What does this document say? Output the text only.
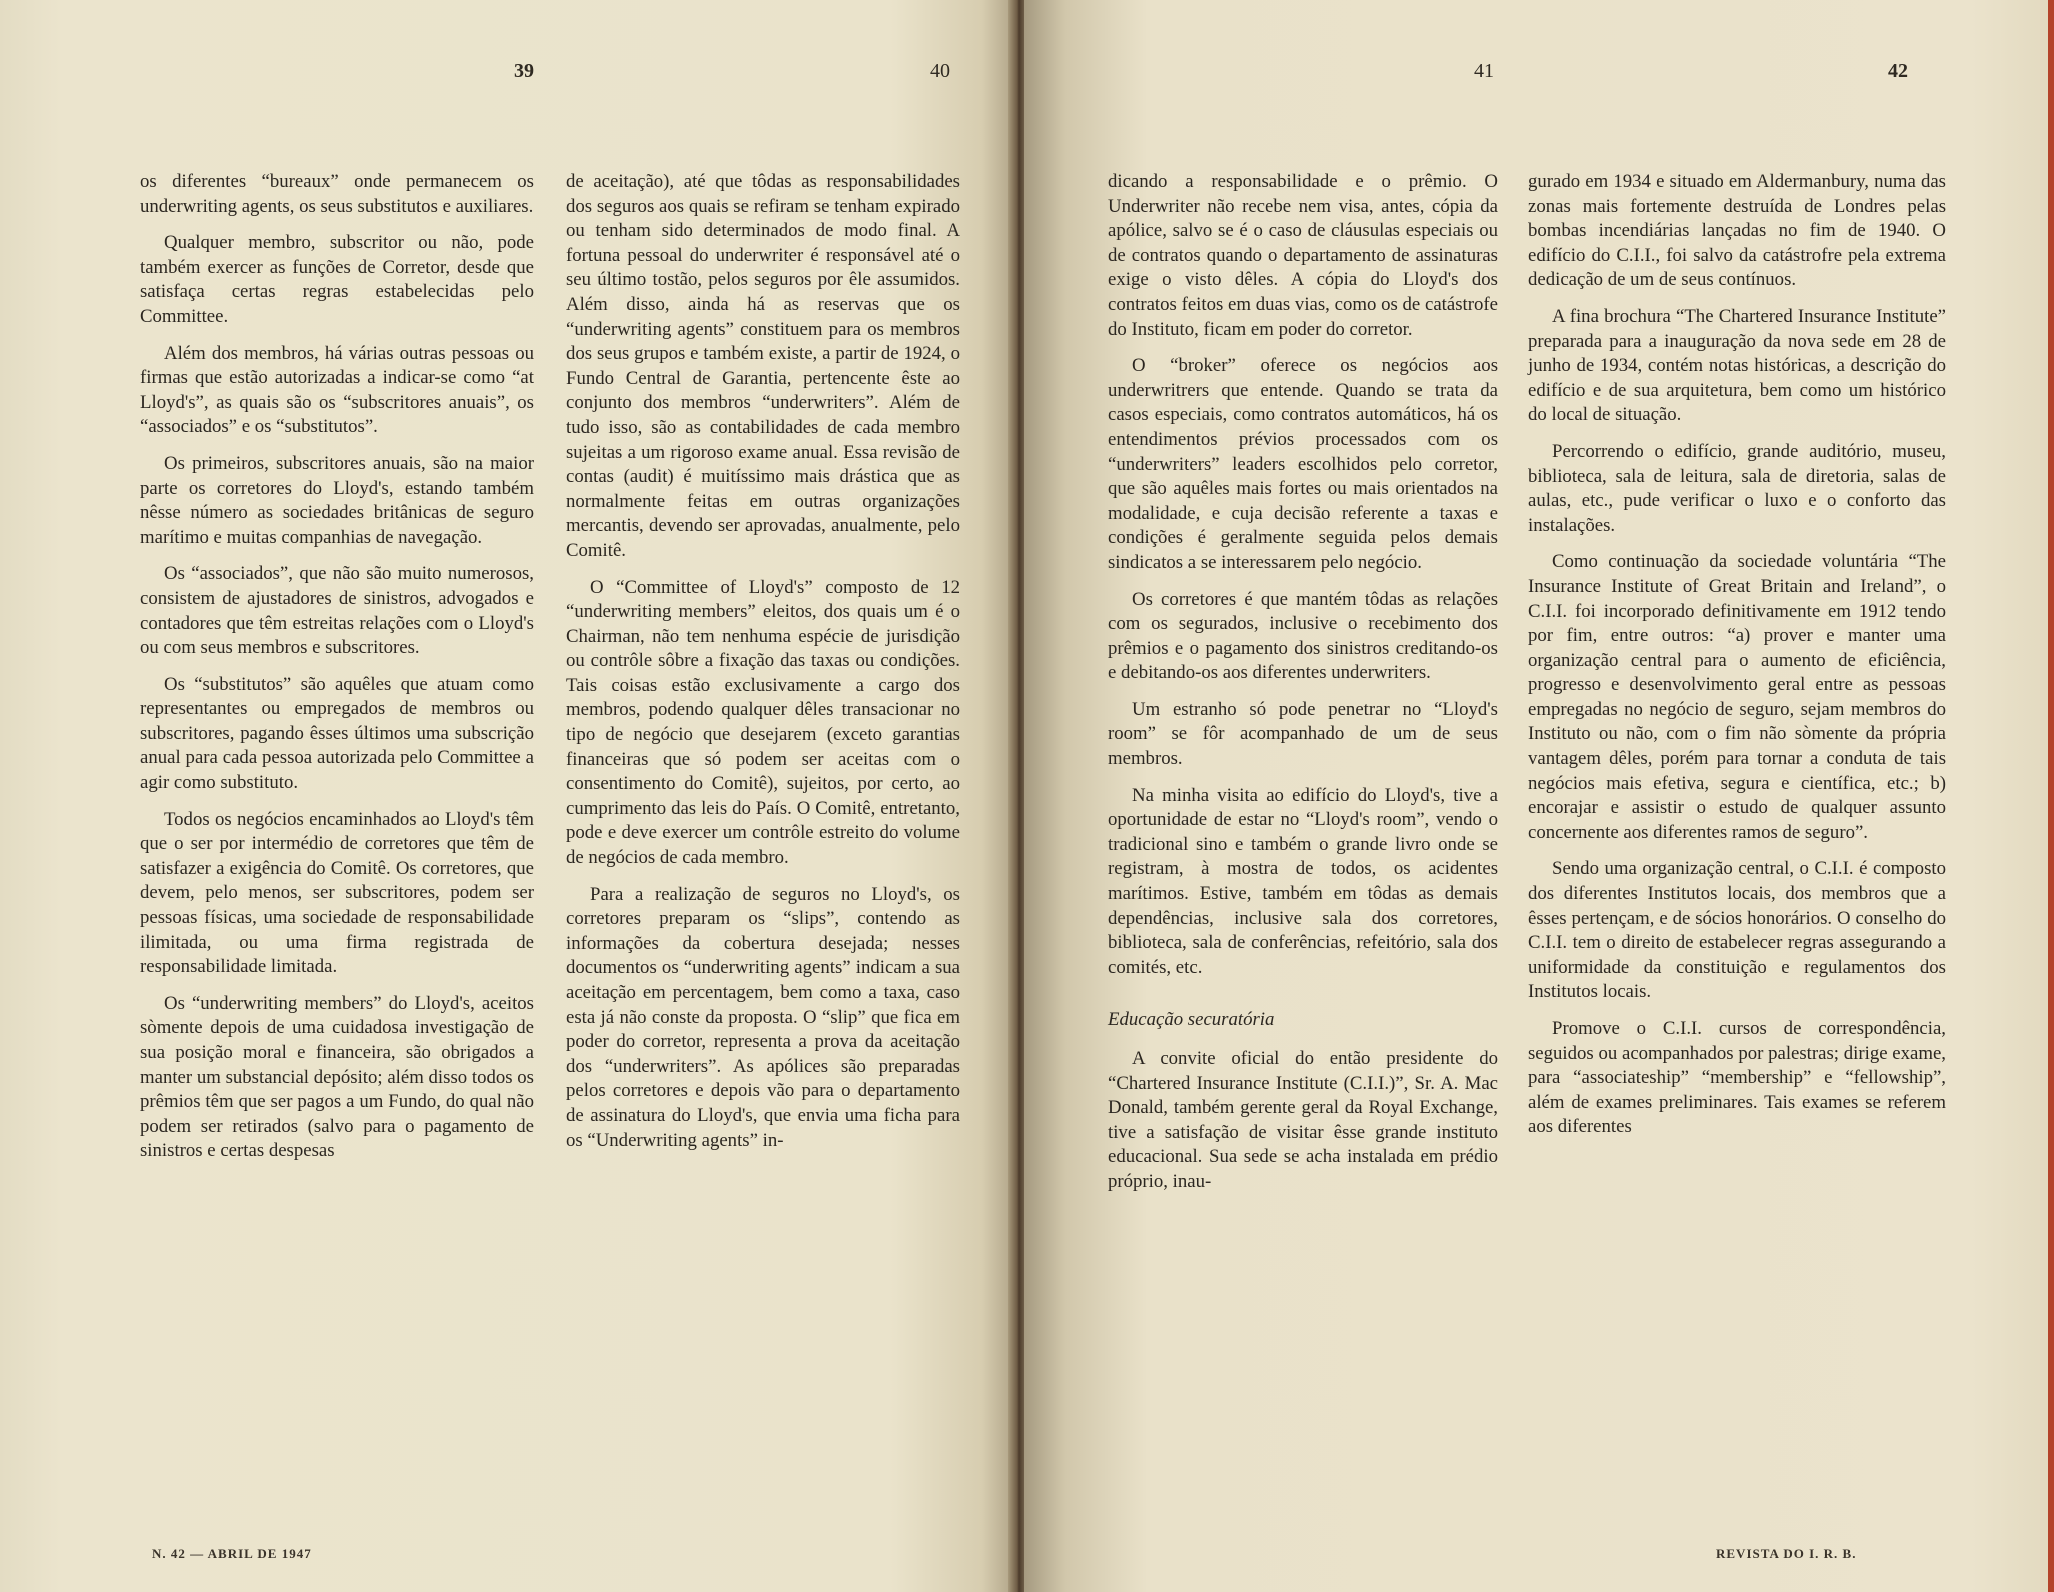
39	40

os diferentes “bureaux” onde permanecem os underwriting agents, os seus substitutos e auxiliares.

Qualquer membro, subscritor ou não, pode também exercer as funções de Corretor, desde que satisfaça certas regras estabelecidas pelo Committee.

Além dos membros, há várias outras pessoas ou firmas que estão autorizadas a indicar-se como “at Lloyd's”, as quais são os “subscritores anuais”, os “associados” e os “substitutos”.

Os primeiros, subscritores anuais, são na maior parte os corretores do Lloyd's, estando também nêsse número as sociedades britânicas de seguro marítimo e muitas companhias de navegação.

Os “associados”, que não são muito numerosos, consistem de ajustadores de sinistros, advogados e contadores que têm estreitas relações com o Lloyd's ou com seus membros e subscritores.

Os “substitutos” são aquêles que atuam como representantes ou empregados de membros ou subscritores, pagando êsses últimos uma subscrição anual para cada pessoa autorizada pelo Committee a agir como substituto.

Todos os negócios encaminhados ao Lloyd's têm que o ser por intermédio de corretores que têm de satisfazer a exigência do Comitê. Os corretores, que devem, pelo menos, ser subscritores, podem ser pessoas físicas, uma sociedade de responsabilidade ilimitada, ou uma firma registrada de responsabilidade limitada.

Os “underwriting members” do Lloyd's, aceitos sòmente depois de uma cuidadosa investigação de sua posição moral e financeira, são obrigados a manter um substancial depósito; além disso todos os prêmios têm que ser pagos a um Fundo, do qual não podem ser retirados (salvo para o pagamento de sinistros e certas despesas

de aceitação), até que tôdas as responsabilidades dos seguros aos quais se refiram se tenham expirado ou tenham sido determinados de modo final. A fortuna pessoal do underwriter é responsável até o seu último tostão, pelos seguros por êle assumidos. Além disso, ainda há as reservas que os “underwriting agents” constituem para os membros dos seus grupos e também existe, a partir de 1924, o Fundo Central de Garantia, pertencente êste ao conjunto dos membros “underwriters”. Além de tudo isso, são as contabilidades de cada membro sujeitas a um rigoroso exame anual. Essa revisão de contas (audit) é muitíssimo mais drástica que as normalmente feitas em outras organizações mercantis, devendo ser aprovadas, anualmente, pelo Comitê.

O “Committee of Lloyd's” composto de 12 “underwriting members” eleitos, dos quais um é o Chairman, não tem nenhuma espécie de jurisdição ou contrôle sôbre a fixação das taxas ou condições. Tais coisas estão exclusivamente a cargo dos membros, podendo qualquer dêles transacionar no tipo de negócio que desejarem (exceto garantias financeiras que só podem ser aceitas com o consentimento do Comitê), sujeitos, por certo, ao cumprimento das leis do País. O Comitê, entretanto, pode e deve exercer um contrôle estreito do volume de negócios de cada membro.

Para a realização de seguros no Lloyd's, os corretores preparam os “slips”, contendo as informações da cobertura desejada; nesses documentos os “underwriting agents” indicam a sua aceitação em percentagem, bem como a taxa, caso esta já não conste da proposta. O “slip” que fica em poder do corretor, representa a prova da aceitação dos “underwriters”. As apólices são preparadas pelos corretores e depois vão para o departamento de assinatura do Lloyd's, que envia uma ficha para os “Underwriting agents” in-

N. 42 — ABRIL DE 1947
41	42

dicando a responsabilidade e o prêmio. O Underwriter não recebe nem visa, antes, cópia da apólice, salvo se é o caso de cláusulas especiais ou de contratos quando o departamento de assinaturas exige o visto dêles. A cópia do Lloyd's dos contratos feitos em duas vias, como os de catástrofe do Instituto, ficam em poder do corretor.

O “broker” oferece os negócios aos underwritrers que entende. Quando se trata da casos especiais, como contratos automáticos, há os entendimentos prévios processados com os “underwriters” leaders escolhidos pelo corretor, que são aquêles mais fortes ou mais orientados na modalidade, e cuja decisão referente a taxas e condições é geralmente seguida pelos demais sindicatos a se interessarem pelo negócio.

Os corretores é que mantém tôdas as relações com os segurados, inclusive o recebimento dos prêmios e o pagamento dos sinistros creditando-os e debitando-os aos diferentes underwriters.

Um estranho só pode penetrar no “Lloyd's room” se fôr acompanhado de um de seus membros.

Na minha visita ao edifício do Lloyd's, tive a oportunidade de estar no “Lloyd's room”, vendo o tradicional sino e também o grande livro onde se registram, à mostra de todos, os acidentes marítimos. Estive, também em tôdas as demais dependências, inclusive sala dos corretores, biblioteca, sala de conferências, refeitório, sala dos comités, etc.

Educação securatória

A convite oficial do então presidente do “Chartered Insurance Institute (C.I.I.)”, Sr. A. Mac Donald, também gerente geral da Royal Exchange, tive a satisfação de visitar êsse grande instituto educacional. Sua sede se acha instalada em prédio próprio, inau-

gurado em 1934 e situado em Aldermanbury, numa das zonas mais fortemente destruída de Londres pelas bombas incendiárias lançadas no fim de 1940. O edifício do C.I.I., foi salvo da catástrofre pela extrema dedicação de um de seus contínuos.

A fina brochura “The Chartered Insurance Institute” preparada para a inauguração da nova sede em 28 de junho de 1934, contém notas históricas, a descrição do edifício e de sua arquitetura, bem como um histórico do local de situação.

Percorrendo o edifício, grande auditório, museu, biblioteca, sala de leitura, sala de diretoria, salas de aulas, etc., pude verificar o luxo e o conforto das instalações.

Como continuação da sociedade voluntária “The Insurance Institute of Great Britain and Ireland”, o C.I.I. foi incorporado definitivamente em 1912 tendo por fim, entre outros: “a) prover e manter uma organização central para o aumento de eficiência, progresso e desenvolvimento geral entre as pessoas empregadas no negócio de seguro, sejam membros do Instituto ou não, com o fim não sòmente da própria vantagem dêles, porém para tornar a conduta de tais negócios mais efetiva, segura e científica, etc.; b) encorajar e assistir o estudo de qualquer assunto concernente aos diferentes ramos de seguro”.

Sendo uma organização central, o C.I.I. é composto dos diferentes Institutos locais, dos membros que a êsses pertençam, e de sócios honorários. O conselho do C.I.I. tem o direito de estabelecer regras assegurando a uniformidade da constituição e regulamentos dos Institutos locais.

Promove o C.I.I. cursos de correspondência, seguidos ou acompanhados por palestras; dirige exame, para “associateship” “membership” e “fellowship”, além de exames preliminares. Tais exames se referem aos diferentes

REVISTA DO I. R. B.
